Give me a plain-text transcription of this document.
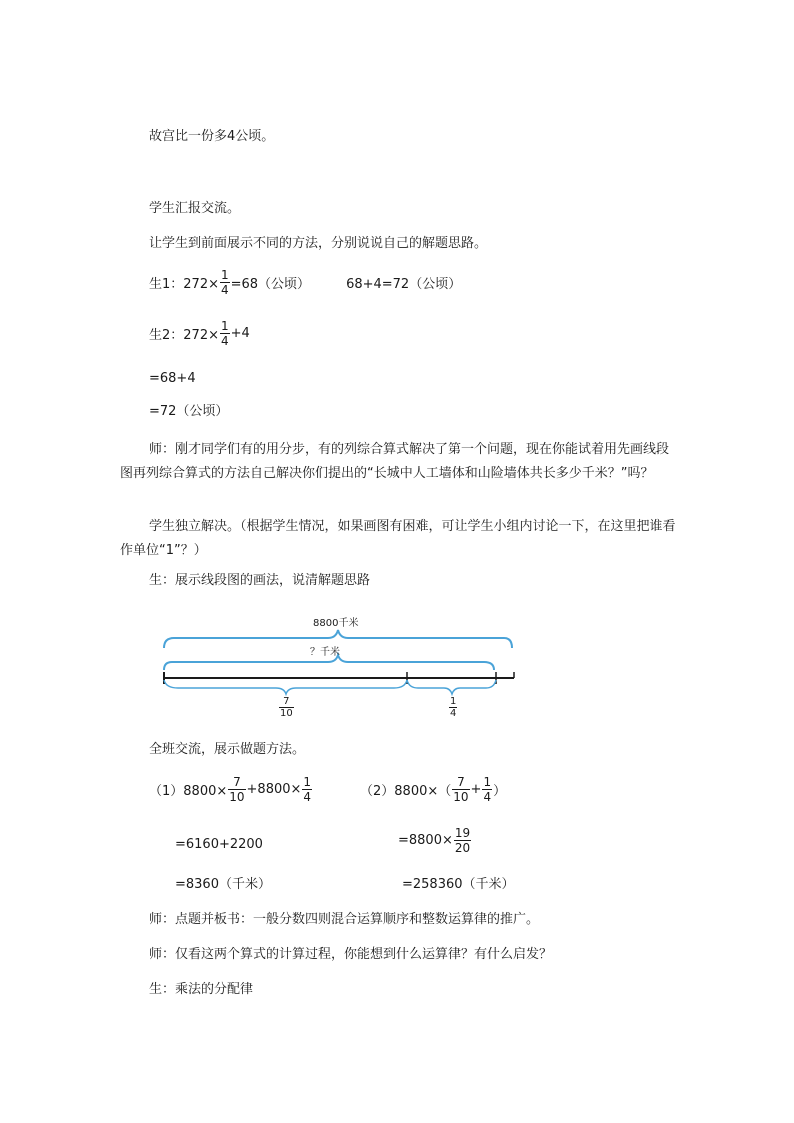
故宫比一份多4公顷。
学生汇报交流。
让学生到前面展示不同的方法，分别说说自己的解题思路。
生1：$272\times \frac{1}{4} =68$（公顷）	68+4=72（公顷）
生2：$272\times \frac{1}{4} +4$
=68+4
=72（公顷）
师：刚才同学们有的用分步，有的列综合算式解决了第一个问题，现在你能试着用先画线段图再列综合算式的方法自己解决你们提出的“长城中人工墙体和山险墙体共长多少千米？”吗？
学生独立解决。（根据学生情况，如果画图有困难，可让学生小组内讨论一下，在这里把谁看作单位“1”？）
生：展示线段图的画法，说清解题思路
8800千米
？千米
$\frac{7}{10}$	$\frac{1}{4}$
全班交流，展示做题方法。
$(1)8800\times \frac{7}{10} +8800\times \frac{1}{4}$
=6160+2200
=8360（千米）
$(2)8800\times( \frac{7}{10} + \frac{1}{4}$ ）
$=8800\times \frac{19}{20}$
=258360（千米）
师：点题并板书：一般分数四则混合运算顺序和整数运算律的推广。
师：仅看这两个算式的计算过程，你能想到什么运算律？有什么启发？
生：乘法的分配律
